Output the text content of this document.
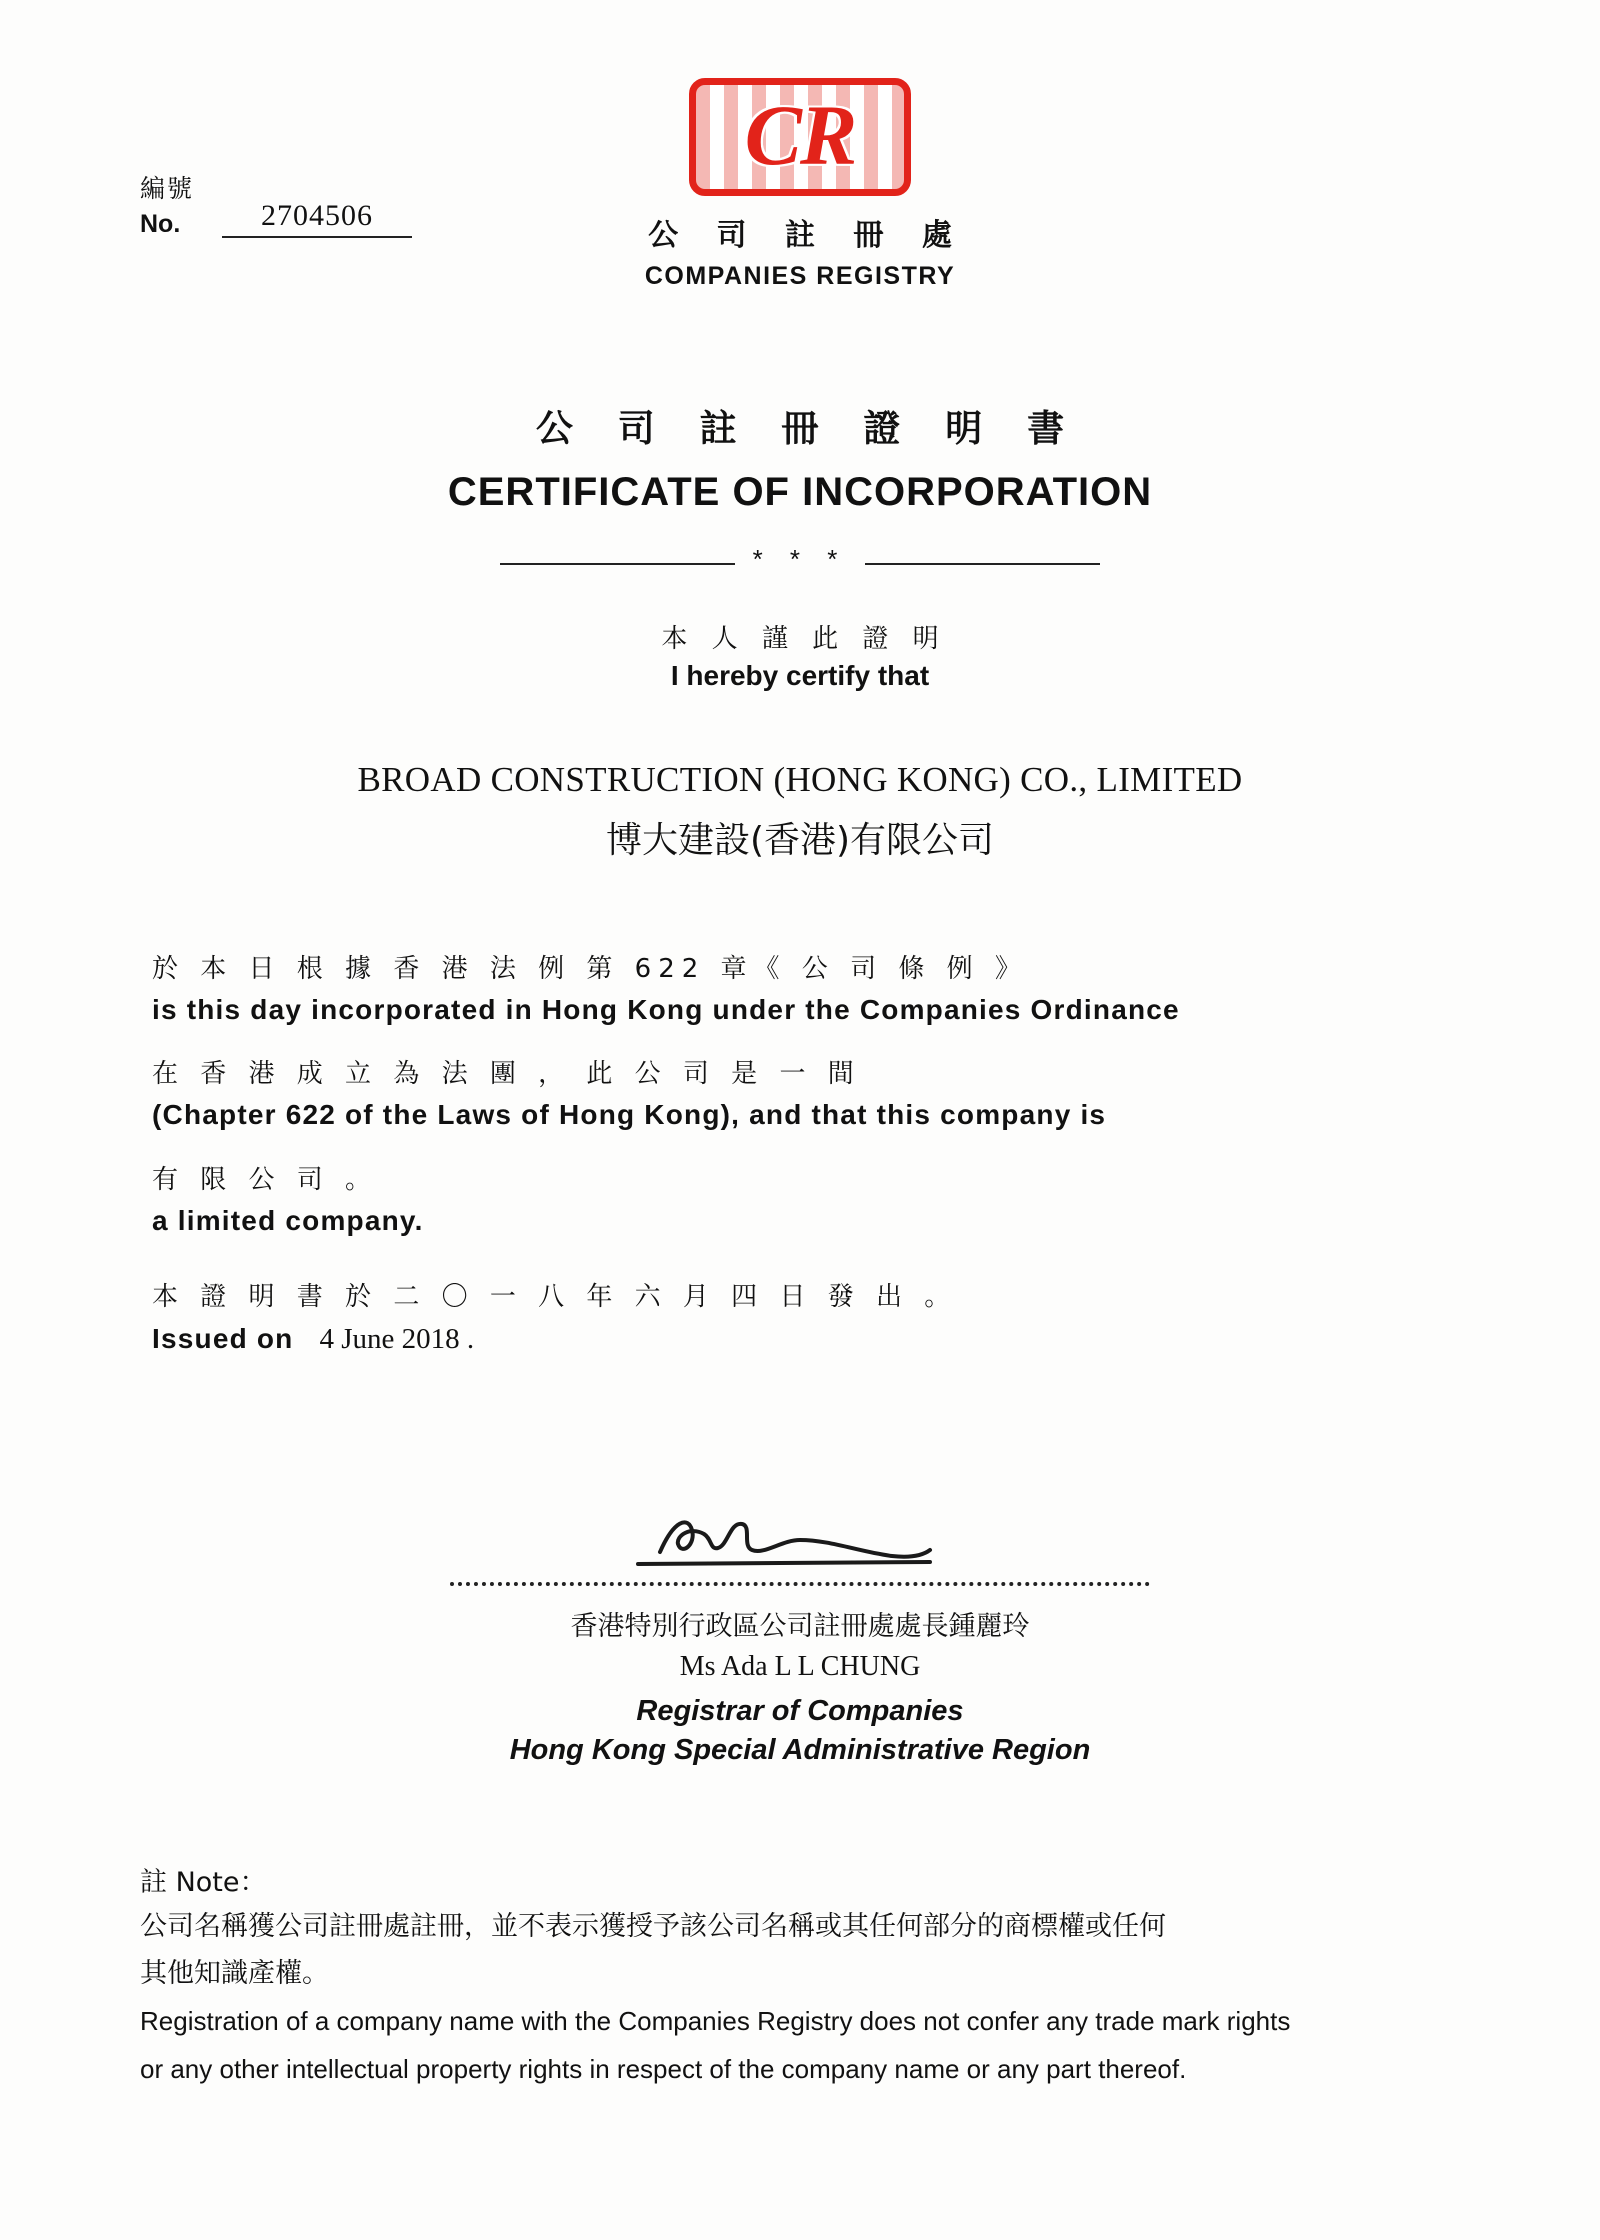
編號
No.	2704506
CR
公 司 註 冊 處
COMPANIES REGISTRY
公 司 註 冊 證 明 書
CERTIFICATE OF INCORPORATION
* * *
本 人 謹 此 證 明
I hereby certify that
BROAD CONSTRUCTION (HONG KONG) CO., LIMITED
博大建設(香港)有限公司
於 本 日 根 據 香 港 法 例 第 622 章《 公 司 條 例 》
is this day incorporated in Hong Kong under the Companies Ordinance
在 香 港 成 立 為 法 團 ， 此 公 司 是 一 間
(Chapter 622 of the Laws of Hong Kong), and that this company is
有 限 公 司 。
a limited company.
本 證 明 書 於 二 〇 一 八 年 六 月 四 日 發 出 。
Issued on 4 June 2018 .
香港特別行政區公司註冊處處長鍾麗玲
Ms Ada L L CHUNG
Registrar of Companies
Hong Kong Special Administrative Region
註 Note：
公司名稱獲公司註冊處註冊，並不表示獲授予該公司名稱或其任何部分的商標權或任何
其他知識產權。
Registration of a company name with the Companies Registry does not confer any trade mark rights
or any other intellectual property rights in respect of the company name or any part thereof.
